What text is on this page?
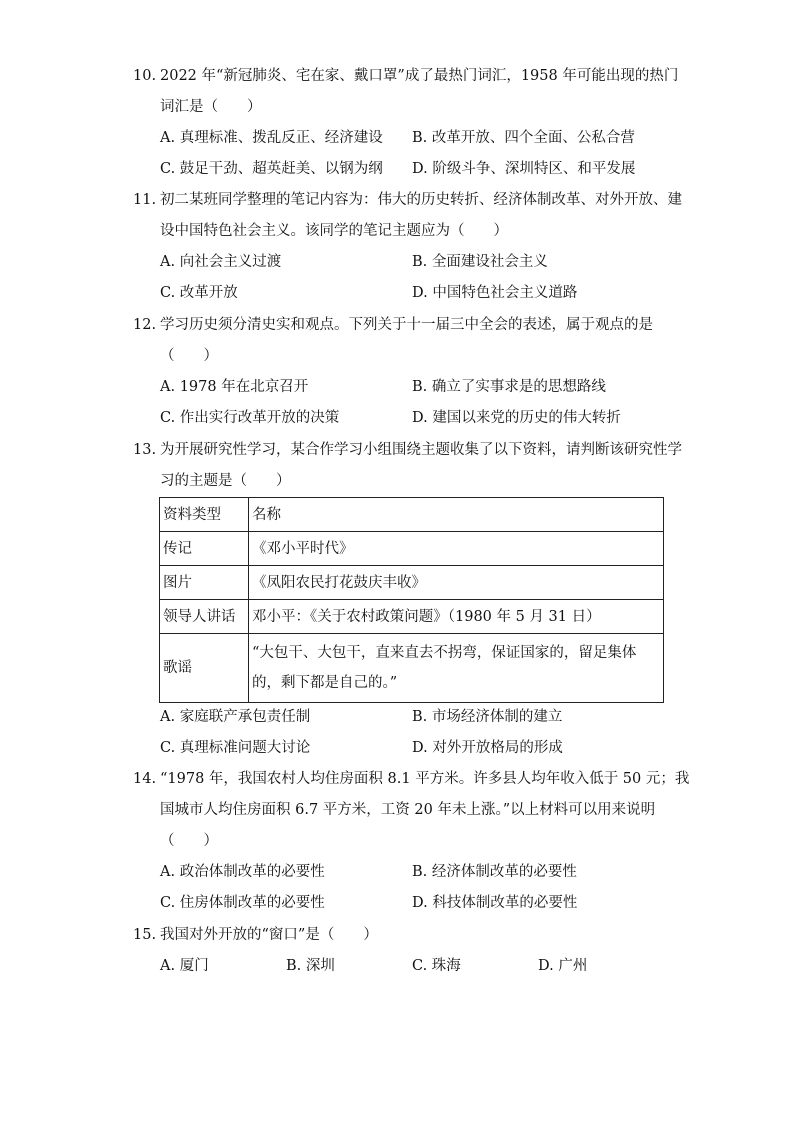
10. 2022 年“新冠肺炎、宅在家、戴口罩”成了最热门词汇，1958 年可能出现的热门
词汇是（　　）
A. 真理标准、拨乱反正、经济建设 B. 改革开放、四个全面、公私合营
C. 鼓足干劲、超英赶美、以钢为纲 D. 阶级斗争、深圳特区、和平发展
11. 初二某班同学整理的笔记内容为：伟大的历史转折、经济体制改革、对外开放、建
设中国特色社会主义。该同学的笔记主题应为（　　）
A. 向社会主义过渡	B. 全面建设社会主义
C. 改革开放	D. 中国特色社会主义道路
12. 学习历史须分清史实和观点。下列关于十一届三中全会的表述，属于观点的是
（　　）
A. 1978 年在北京召开	B. 确立了实事求是的思想路线
C. 作出实行改革开放的决策	D. 建国以来党的历史的伟大转折
13. 为开展研究性学习，某合作学习小组围绕主题收集了以下资料，请判断该研究性学
习的主题是（　　）
资料类型	名称
传记	《邓小平时代》
图片	《凤阳农民打花鼓庆丰收》
领导人讲话	邓小平：《关于农村政策问题》（1980 年 5 月 31 日）
歌谣	“大包干、大包干，直来直去不拐弯，保证国家的，留足集体的，剩下都是自己的。”
A. 家庭联产承包责任制	B. 市场经济体制的建立
C. 真理标准问题大讨论	D. 对外开放格局的形成
14. “1978 年，我国农村人均住房面积 8.1 平方米。许多县人均年收入低于 50 元；我
国城市人均住房面积 6.7 平方米，工资 20 年未上涨。”以上材料可以用来说明
（　　）
A. 政治体制改革的必要性	B. 经济体制改革的必要性
C. 住房体制改革的必要性	D. 科技体制改革的必要性
15. 我国对外开放的“窗口”是（　　）
A. 厦门	B. 深圳	C. 珠海	D. 广州
